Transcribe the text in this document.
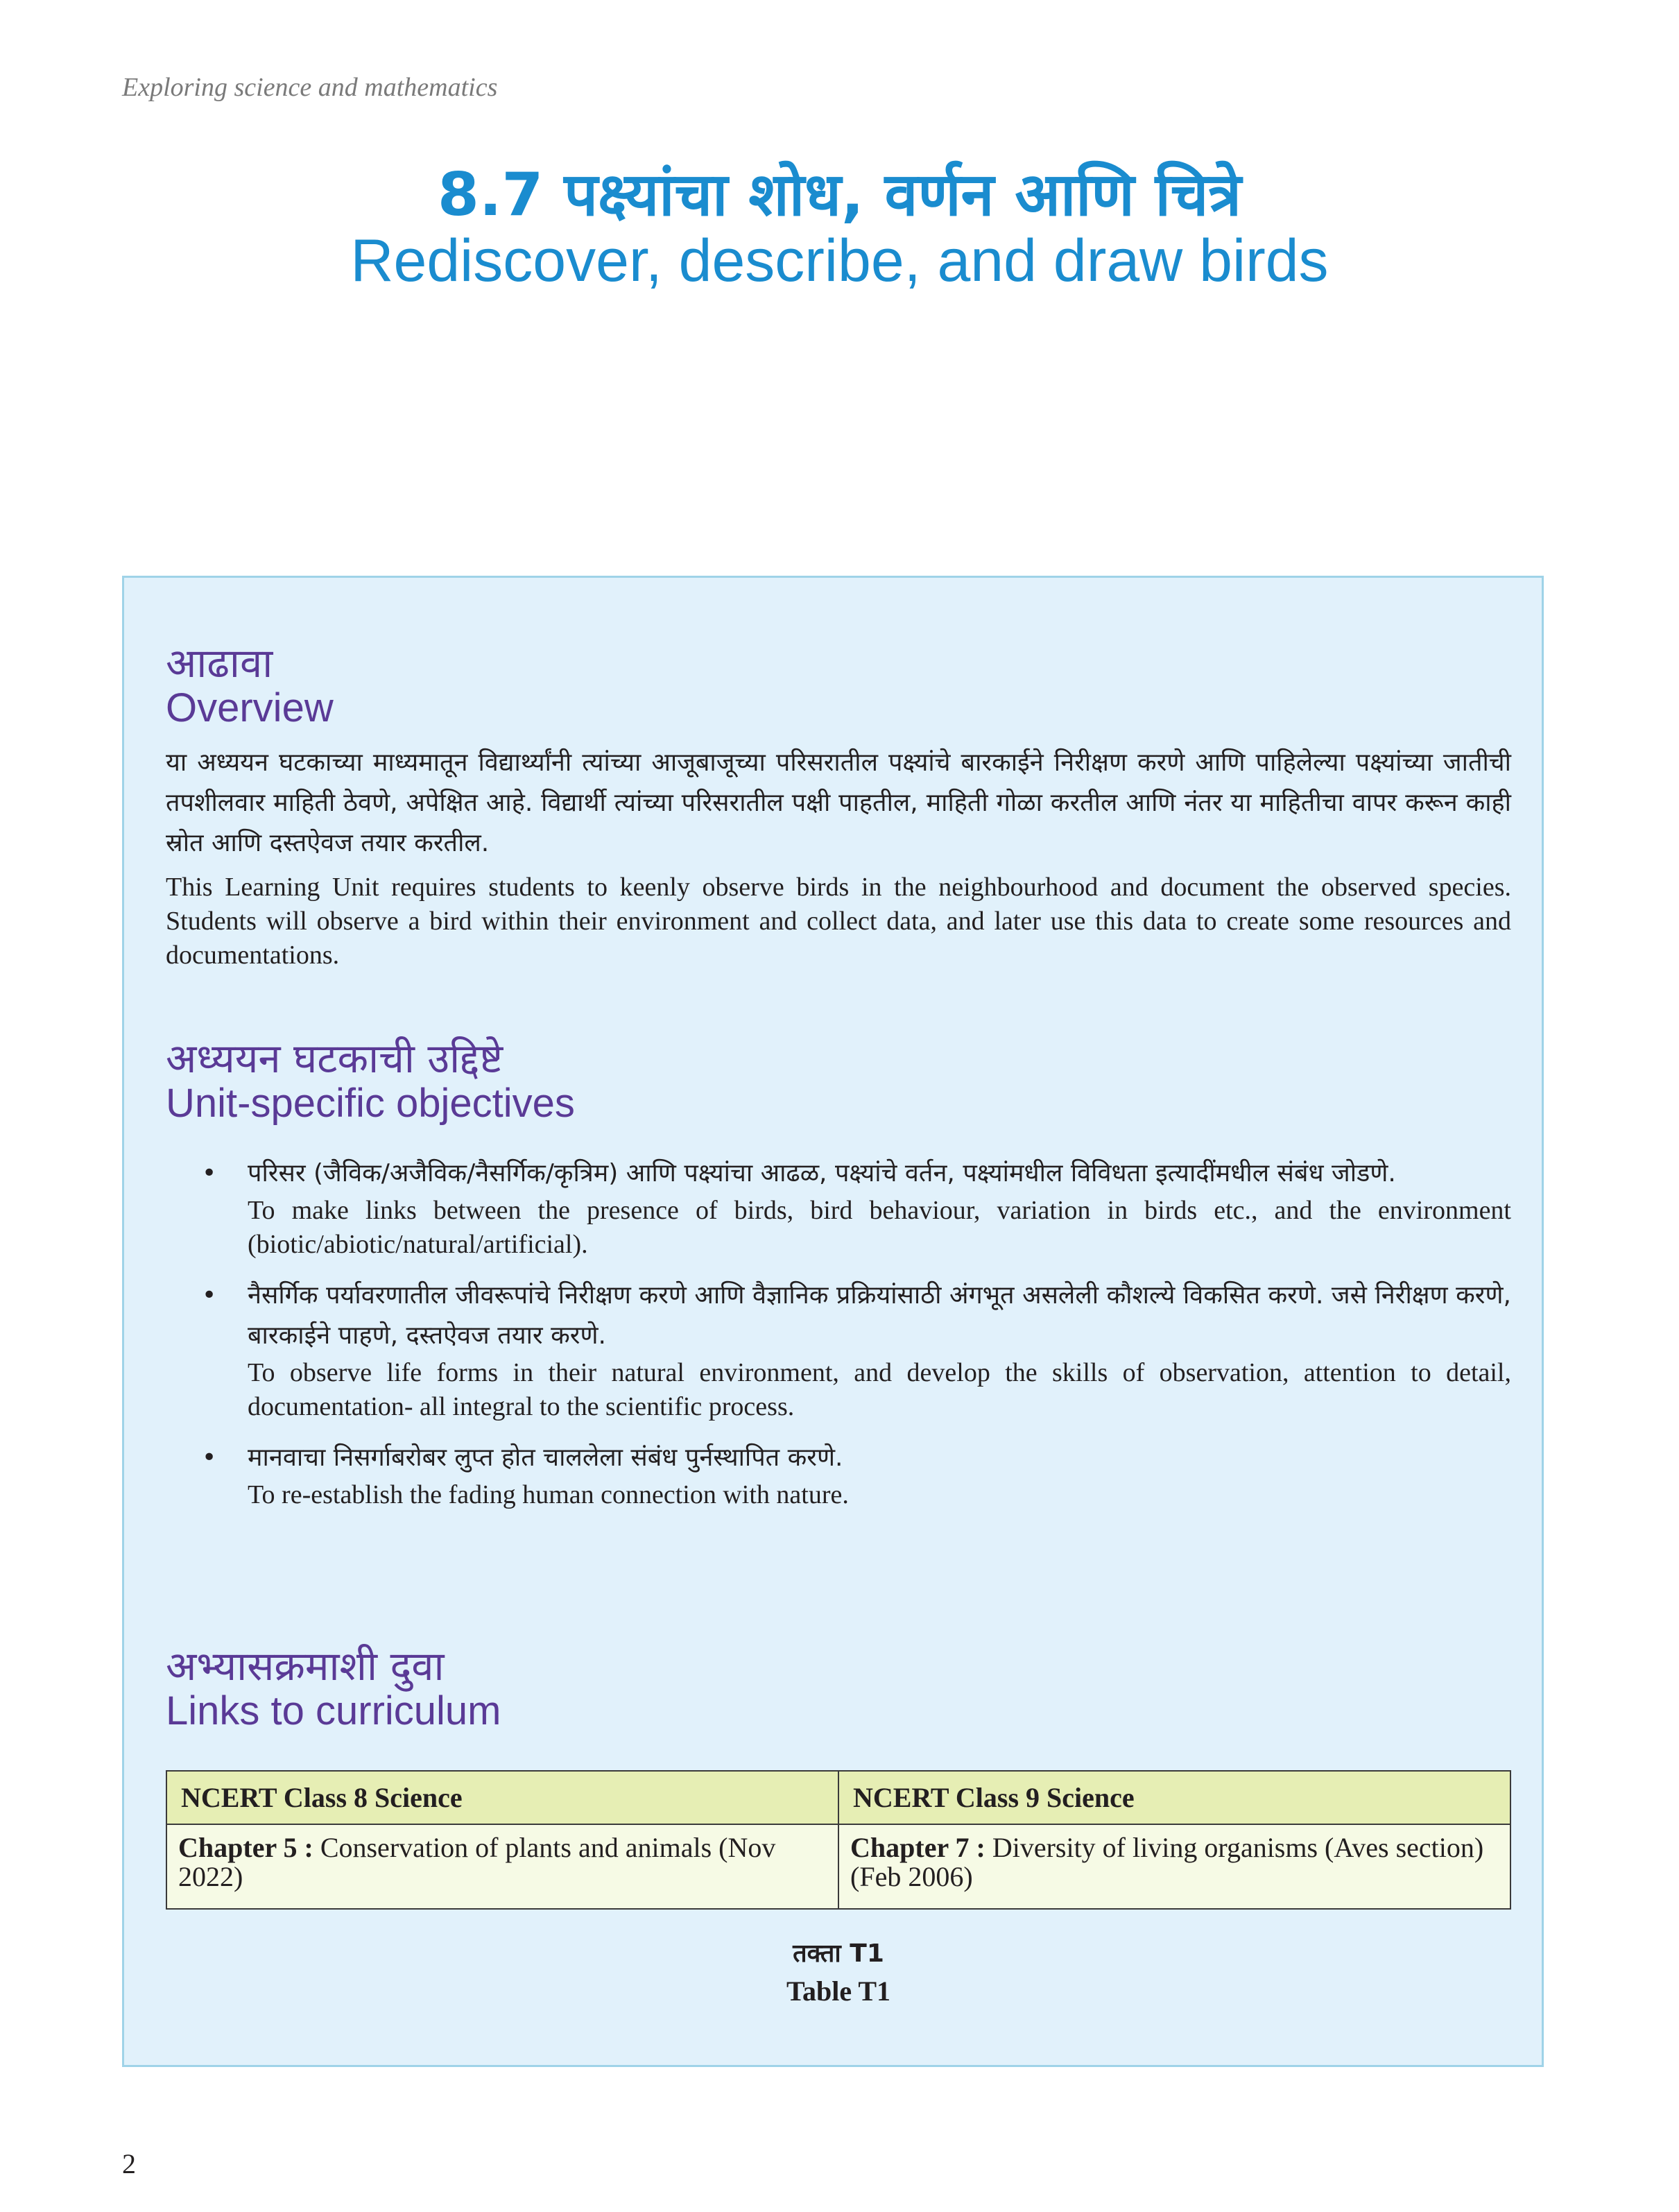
Exploring science and mathematics
8.7 पक्ष्यांचा शोध, वर्णन आणि चित्रे
Rediscover, describe, and draw birds
आढावा
Overview

या अध्ययन घटकाच्या माध्यमातून विद्यार्थ्यांनी त्यांच्या आजूबाजूच्या परिसरातील पक्ष्यांचे बारकाईने निरीक्षण करणे आणि पाहिलेल्या पक्ष्यांच्या जातीची तपशीलवार माहिती ठेवणे, अपेक्षित आहे. विद्यार्थी त्यांच्या परिसरातील पक्षी पाहतील, माहिती गोळा करतील आणि नंतर या माहितीचा वापर करून काही स्रोत आणि दस्तऐवज तयार करतील.

This Learning Unit requires students to keenly observe birds in the neighbourhood and document the observed species. Students will observe a bird within their environment and collect data, and later use this data to create some resources and documentations.

अध्ययन घटकाची उद्दिष्टे
Unit-specific objectives
• परिसर (जैविक/अजैविक/नैसर्गिक/कृत्रिम) आणि पक्ष्यांचा आढळ, पक्ष्यांचे वर्तन, पक्ष्यांमधील विविधता इत्यादींमधील संबंध जोडणे.

To make links between the presence of birds, bird behaviour, variation in birds etc., and the environment (biotic/abiotic/natural/artificial).

• नैसर्गिक पर्यावरणातील जीवरूपांचे निरीक्षण करणे आणि वैज्ञानिक प्रक्रियांसाठी अंगभूत असलेली कौशल्ये विकसित करणे. जसे निरीक्षण करणे, बारकाईने पाहणे, दस्तऐवज तयार करणे.

To observe life forms in their natural environment, and develop the skills of observation, attention to detail, documentation- all integral to the scientific process.

• मानवाचा निसर्गाबरोबर लुप्त होत चाललेला संबंध पुर्नस्थापित करणे.

To re-establish the fading human connection with nature.

अभ्यासक्रमाशी दुवा
Links to curriculum
NCERT Class 8 Science	NCERT Class 9 Science
Chapter 5 : Conservation of plants and animals (Nov 2022)	Chapter 7 : Diversity of living organisms (Aves section) (Feb 2006)
तक्ता T1
Table T1
2
